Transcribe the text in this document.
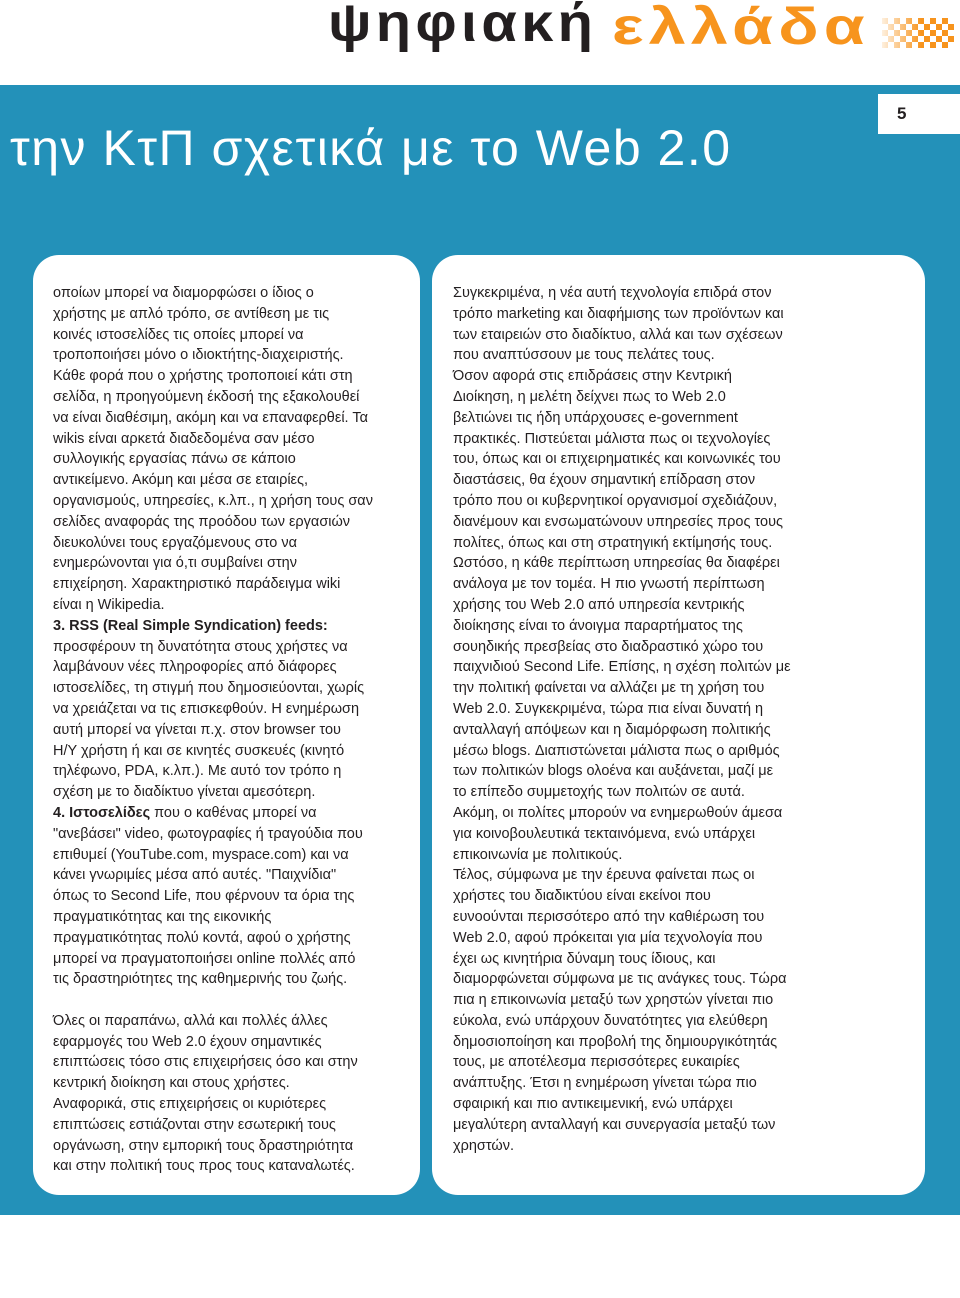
ψηφιακή ελλάδα
την ΚτΠ σχετικά με το Web 2.0
5
οποίων μπορεί να διαμορφώσει ο ίδιος ο
χρήστης με απλό τρόπο, σε αντίθεση με τις
κοινές ιστοσελίδες τις οποίες μπορεί να
τροποποιήσει μόνο ο ιδιοκτήτης-διαχειριστής.
Κάθε φορά που ο χρήστης τροποποιεί κάτι στη
σελίδα, η προηγούμενη έκδοσή της εξακολουθεί
να είναι διαθέσιμη, ακόμη και να επαναφερθεί. Τα
wikis είναι αρκετά διαδεδομένα σαν μέσο
συλλογικής εργασίας πάνω σε κάποιο
αντικείμενο. Ακόμη και μέσα σε εταιρίες,
οργανισμούς, υπηρεσίες, κ.λπ., η χρήση τους σαν
σελίδες αναφοράς της προόδου των εργασιών
διευκολύνει τους εργαζόμενους στο να
ενημερώνονται για ό,τι συμβαίνει στην
επιχείρηση. Χαρακτηριστικό παράδειγμα wiki
είναι η Wikipedia.
3. RSS (Real Simple Syndication) feeds:
προσφέρουν τη δυνατότητα στους χρήστες να
λαμβάνουν νέες πληροφορίες από διάφορες
ιστοσελίδες, τη στιγμή που δημοσιεύονται, χωρίς
να χρειάζεται να τις επισκεφθούν. Η ενημέρωση
αυτή μπορεί να γίνεται π.χ. στον browser του
Η/Υ χρήστη ή και σε κινητές συσκευές (κινητό
τηλέφωνο, PDA, κ.λπ.). Με αυτό τον τρόπο η
σχέση με το διαδίκτυο γίνεται αμεσότερη.
4. Ιστοσελίδες που ο καθένας μπορεί να
"ανεβάσει" video, φωτογραφίες ή τραγούδια που
επιθυμεί (YouTube.com, myspace.com) και να
κάνει γνωριμίες μέσα από αυτές. "Παιχνίδια"
όπως το Second Life, που φέρνουν τα όρια της
πραγματικότητας και της εικονικής
πραγματικότητας πολύ κοντά, αφού ο χρήστης
μπορεί να πραγματοποιήσει online πολλές από
τις δραστηριότητες της καθημερινής του ζωής.
Όλες οι παραπάνω, αλλά και πολλές άλλες
εφαρμογές του Web 2.0 έχουν σημαντικές
επιπτώσεις τόσο στις επιχειρήσεις όσο και στην
κεντρική διοίκηση και στους χρήστες.
Αναφορικά, στις επιχειρήσεις οι κυριότερες
επιπτώσεις εστιάζονται στην εσωτερική τους
οργάνωση, στην εμπορική τους δραστηριότητα
και στην πολιτική τους προς τους καταναλωτές.
Συγκεκριμένα, η νέα αυτή τεχνολογία επιδρά στον
τρόπο marketing και διαφήμισης των προϊόντων και
των εταιρειών στο διαδίκτυο, αλλά και των σχέσεων
που αναπτύσσουν με τους πελάτες τους.
Όσον αφορά στις επιδράσεις στην Κεντρική
Διοίκηση, η μελέτη δείχνει πως το Web 2.0
βελτιώνει τις ήδη υπάρχουσες e-government
πρακτικές. Πιστεύεται μάλιστα πως οι τεχνολογίες
του, όπως και οι επιχειρηματικές και κοινωνικές του
διαστάσεις, θα έχουν σημαντική επίδραση στον
τρόπο που οι κυβερνητικοί οργανισμοί σχεδιάζουν,
διανέμουν και ενσωματώνουν υπηρεσίες προς τους
πολίτες, όπως και στη στρατηγική εκτίμησής τους.
Ωστόσο, η κάθε περίπτωση υπηρεσίας θα διαφέρει
ανάλογα με τον τομέα. Η πιο γνωστή περίπτωση
χρήσης του Web 2.0 από υπηρεσία κεντρικής
διοίκησης είναι το άνοιγμα παραρτήματος της
σουηδικής πρεσβείας στο διαδραστικό χώρο του
παιχνιδιού Second Life. Επίσης, η σχέση πολιτών με
την πολιτική φαίνεται να αλλάζει με τη χρήση του
Web 2.0. Συγκεκριμένα, τώρα πια είναι δυνατή η
ανταλλαγή απόψεων και η διαμόρφωση πολιτικής
μέσω blogs. Διαπιστώνεται μάλιστα πως ο αριθμός
των πολιτικών blogs ολοένα και αυξάνεται, μαζί με
το επίπεδο συμμετοχής των πολιτών σε αυτά.
Ακόμη, οι πολίτες μπορούν να ενημερωθούν άμεσα
για κοινοβουλευτικά τεκταινόμενα, ενώ υπάρχει
επικοινωνία με πολιτικούς.
Τέλος, σύμφωνα με την έρευνα φαίνεται πως οι
χρήστες του διαδικτύου είναι εκείνοι που
ευνοούνται περισσότερο από την καθιέρωση του
Web 2.0, αφού πρόκειται για μία τεχνολογία που
έχει ως κινητήρια δύναμη τους ίδιους, και
διαμορφώνεται σύμφωνα με τις ανάγκες τους. Τώρα
πια η επικοινωνία μεταξύ των χρηστών γίνεται πιο
εύκολα, ενώ υπάρχουν δυνατότητες για ελεύθερη
δημοσιοποίηση και προβολή της δημιουργικότητάς
τους, με αποτέλεσμα περισσότερες ευκαιρίες
ανάπτυξης. Έτσι η ενημέρωση γίνεται τώρα πιο
σφαιρική και πιο αντικειμενική, ενώ υπάρχει
μεγαλύτερη ανταλλαγή και συνεργασία μεταξύ των
χρηστών.
